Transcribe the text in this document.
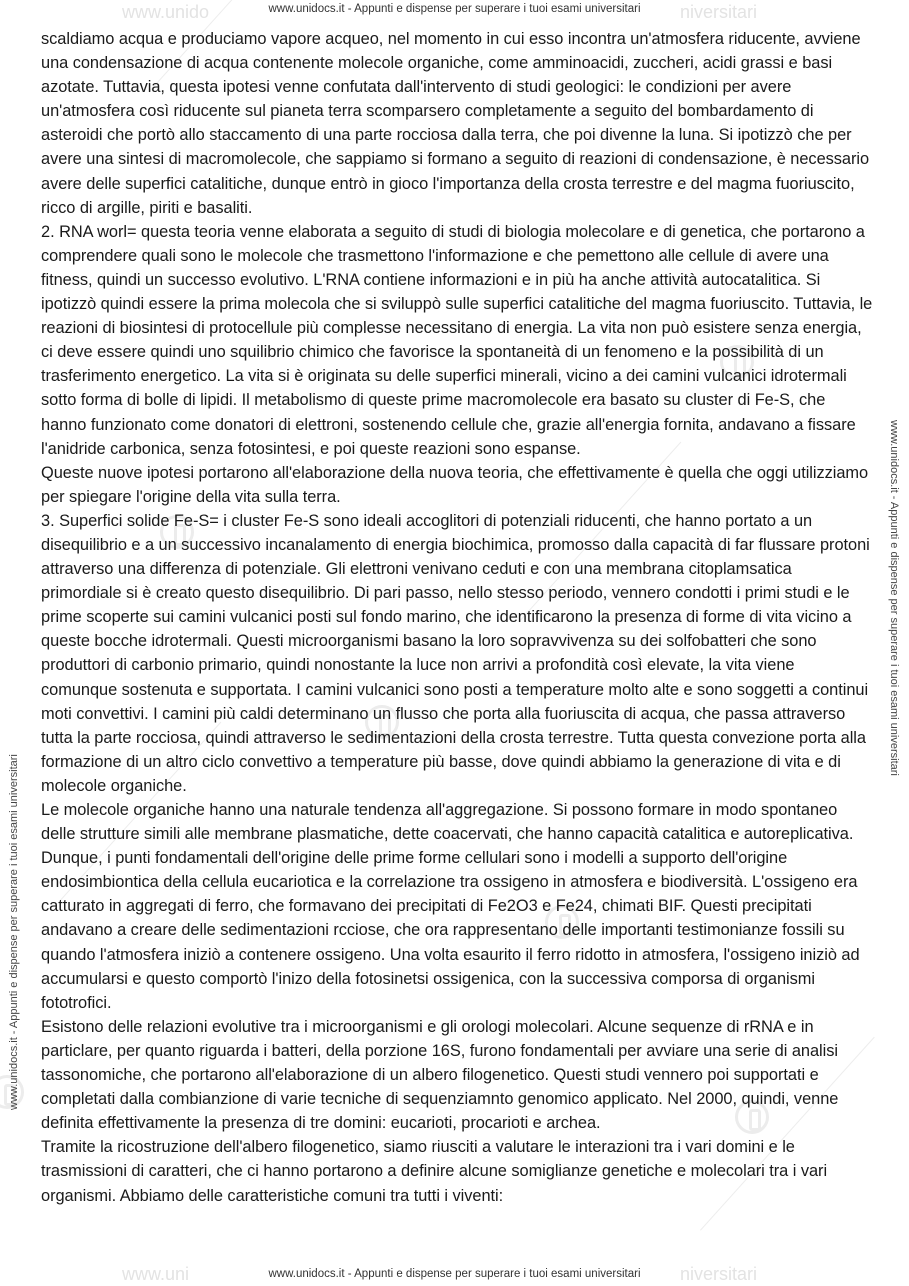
www.unido	niversitari
www.uni	niversitari
www.unidocs.it - Appunti e dispense per superare i tuoi esami universitari
www.unidocs.it - Appunti e dispense per superare i tuoi esami universitari
www.unidocs.it - Appunti e dispense per superare i tuoi esami universitari
www.unidocs.it - Appunti e dispense per superare i tuoi esami universitari

scaldiamo acqua e produciamo vapore acqueo, nel momento in cui esso incontra un'atmosfera riducente, avviene una condensazione di acqua contenente molecole organiche, come amminoacidi, zuccheri, acidi grassi e basi azotate. Tuttavia, questa ipotesi venne confutata dall'intervento di studi geologici: le condizioni per avere un'atmosfera così riducente sul pianeta terra scomparsero completamente a seguito del bombardamento di asteroidi che portò allo staccamento di una parte rocciosa dalla terra, che poi divenne la luna. Si ipotizzò che per avere una sintesi di macromolecole, che sappiamo si formano a seguito di reazioni di condensazione, è necessario avere delle superfici catalitiche, dunque entrò in gioco l'importanza della crosta terrestre e del magma fuoriuscito, ricco di argille, piriti e basaliti.

2. RNA worl= questa teoria venne elaborata a seguito di studi di biologia molecolare e di genetica, che portarono a comprendere quali sono le molecole che trasmettono l'informazione e che pemettono alle cellule di avere una fitness, quindi un successo evolutivo. L'RNA contiene informazioni e in più ha anche attività autocatalitica. Si ipotizzò quindi essere la prima molecola che si sviluppò sulle superfici catalitiche del magma fuoriuscito. Tuttavia, le reazioni di biosintesi di protocellule più complesse necessitano di energia. La vita non può esistere senza energia, ci deve essere quindi uno squilibrio chimico che favorisce la spontaneità di un fenomeno e la possibilità di un trasferimento energetico. La vita si è originata su delle superfici minerali, vicino a dei camini vulcanici idrotermali sotto forma di bolle di lipidi. Il metabolismo di queste prime macromolecole era basato su cluster di Fe-S, che hanno funzionato come donatori di elettroni, sostenendo cellule che, grazie all'energia fornita, andavano a fissare l'anidride carbonica, senza fotosintesi, e poi queste reazioni sono espanse.

Queste nuove ipotesi portarono all'elaborazione della nuova teoria, che effettivamente è quella che oggi utilizziamo per spiegare l'origine della vita sulla terra.

3. Superfici solide Fe-S= i cluster Fe-S sono ideali accoglitori di potenziali riducenti, che hanno portato a un disequilibrio e a un successivo incanalamento di energia biochimica, promosso dalla capacità di far flussare protoni attraverso una differenza di potenziale. Gli elettroni venivano ceduti e con una membrana citoplamsatica primordiale si è creato questo disequilibrio. Di pari passo, nello stesso periodo, vennero condotti i primi studi e le prime scoperte sui camini vulcanici posti sul fondo marino, che identificarono la presenza di forme di vita vicino a queste bocche idrotermali. Questi microorganismi basano la loro sopravvivenza su dei solfobatteri che sono produttori di carbonio primario, quindi nonostante la luce non arrivi a profondità così elevate, la vita viene comunque sostenuta e supportata. I camini vulcanici sono posti a temperature molto alte e sono soggetti a continui moti convettivi. I camini più caldi determinano un flusso che porta alla fuoriuscita di acqua, che passa attraverso tutta la parte rocciosa, quindi attraverso le sedimentazioni della crosta terrestre. Tutta questa convezione porta alla formazione di un altro ciclo convettivo a temperature più basse, dove quindi abbiamo la generazione di vita e di molecole organiche.

Le molecole organiche hanno una naturale tendenza all'aggregazione. Si possono formare in modo spontaneo delle strutture simili alle membrane plasmatiche, dette coacervati, che hanno capacità catalitica e autoreplicativa. Dunque, i punti fondamentali dell'origine delle prime forme cellulari sono i modelli a supporto dell'origine endosimbiontica della cellula eucariotica e la correlazione tra ossigeno in atmosfera e biodiversità. L'ossigeno era catturato in aggregati di ferro, che formavano dei precipitati di Fe2O3 e Fe24, chimati BIF. Questi precipitati andavano a creare delle sedimentazioni rcciose, che ora rappresentano delle importanti testimonianze fossili su quando l'atmosfera iniziò a contenere ossigeno. Una volta esaurito il ferro ridotto in atmosfera, l'ossigeno iniziò ad accumularsi e questo comportò l'inizo della fotosinetsi ossigenica, con la successiva comporsa di organismi fototrofici.

Esistono delle relazioni evolutive tra i microorganismi e gli orologi molecolari. Alcune sequenze di rRNA e in particlare, per quanto riguarda i batteri, della porzione 16S, furono fondamentali per avviare una serie di analisi tassonomiche, che portarono all'elaborazione di un albero filogenetico. Questi studi vennero poi supportati e completati dalla combianzione di varie tecniche di sequenziamnto genomico applicato. Nel 2000, quindi, venne definita effettivamente la presenza di tre domini: eucarioti, procarioti e archea.

Tramite la ricostruzione dell'albero filogenetico, siamo riusciti a valutare le interazioni tra i vari domini e le trasmissioni di caratteri, che ci hanno portarono a definire alcune somiglianze genetiche e molecolari tra i vari organismi. Abbiamo delle caratteristiche comuni tra tutti i viventi:
